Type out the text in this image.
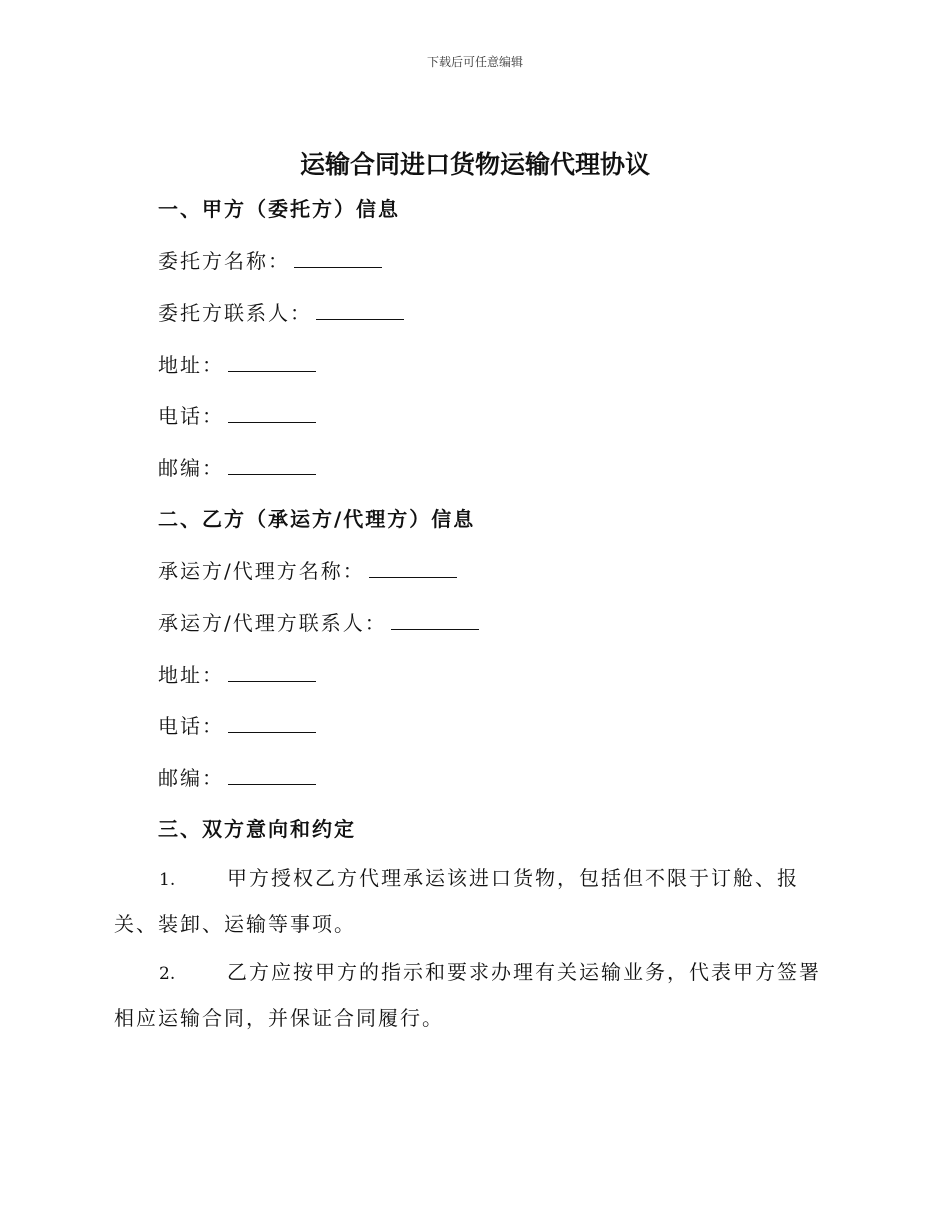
下载后可任意编辑
运输合同进口货物运输代理协议
一、甲方（委托方）信息
委托方名称：
委托方联系人：
地址：
电话：
邮编：
二、乙方（承运方/代理方）信息
承运方/代理方名称：
承运方/代理方联系人：
地址：
电话：
邮编：
三、双方意向和约定
1.	甲方授权乙方代理承运该进口货物，包括但不限于订舱、报关、装卸、运输等事项。
2.	乙方应按甲方的指示和要求办理有关运输业务，代表甲方签署相应运输合同，并保证合同履行。
